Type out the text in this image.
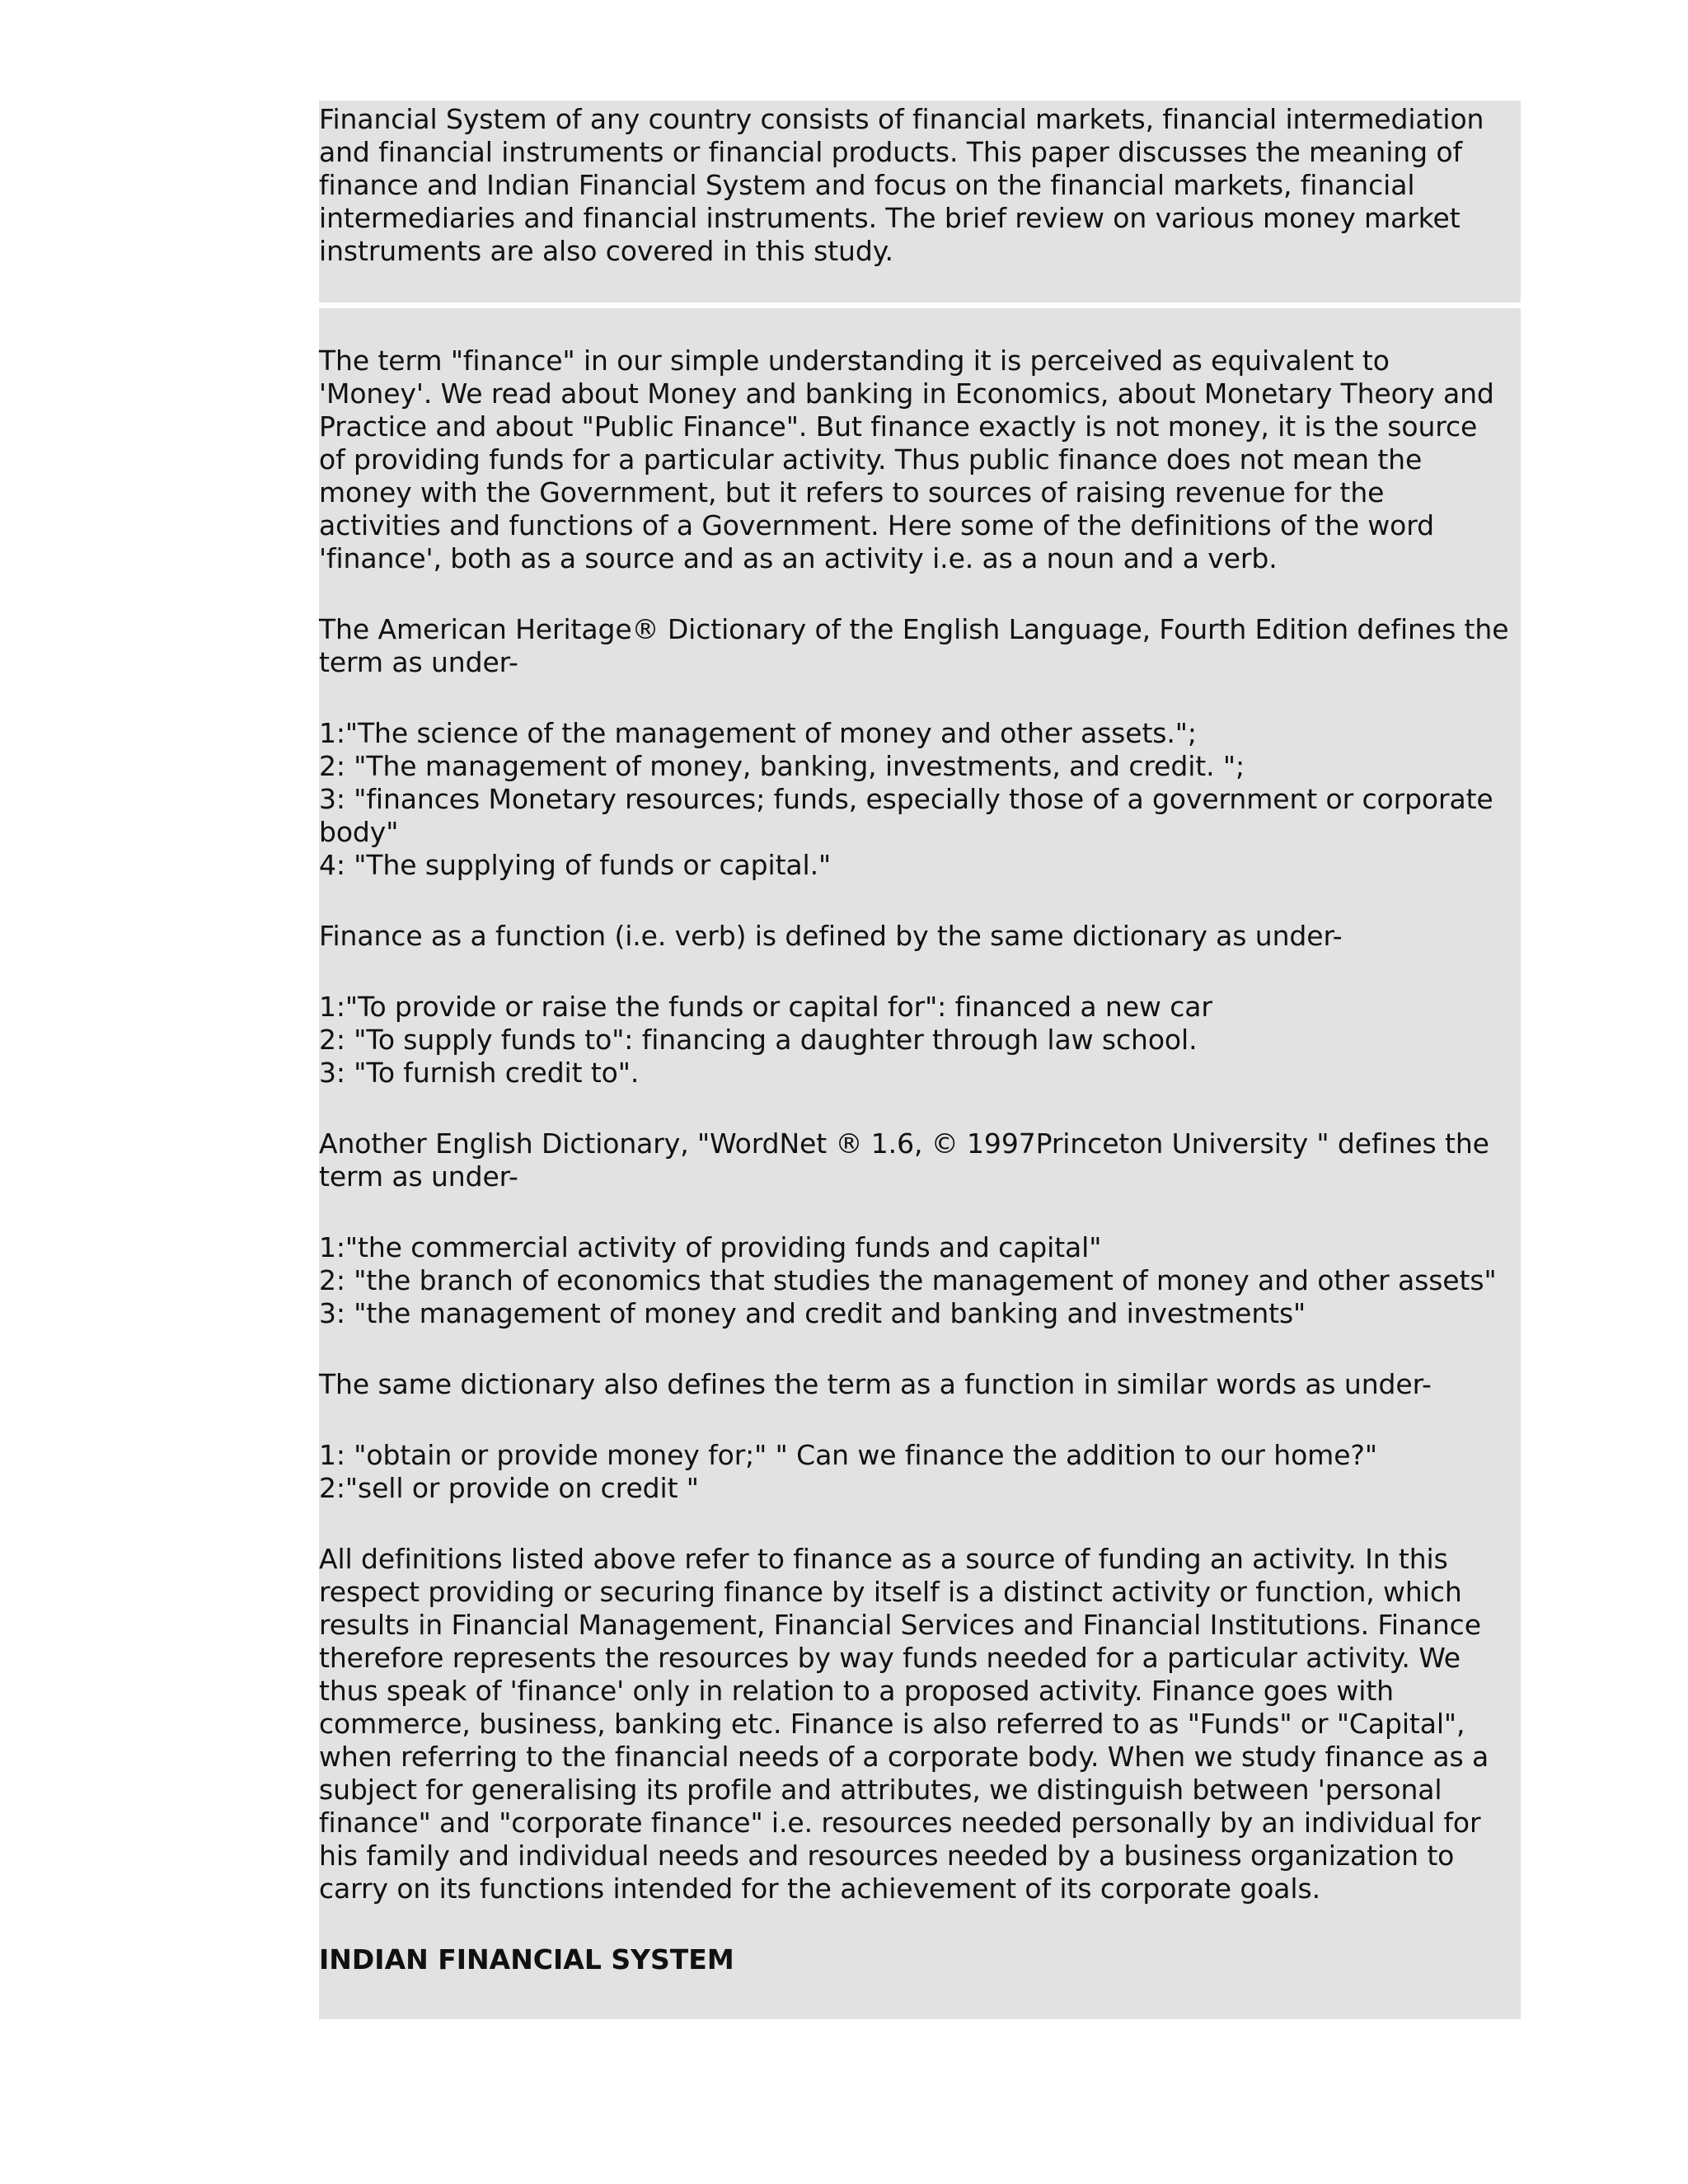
Financial System of any country consists of financial markets, financial intermediation
and financial instruments or financial products. This paper discusses the meaning of
finance and Indian Financial System and focus on the financial markets, financial
intermediaries and financial instruments. The brief review on various money market
instruments are also covered in this study.

The term "finance" in our simple understanding it is perceived as equivalent to
'Money'. We read about Money and banking in Economics, about Monetary Theory and
Practice and about "Public Finance". But finance exactly is not money, it is the source
of providing funds for a particular activity. Thus public finance does not mean the
money with the Government, but it refers to sources of raising revenue for the
activities and functions of a Government. Here some of the definitions of the word
'finance', both as a source and as an activity i.e. as a noun and a verb.

The American Heritage® Dictionary of the English Language, Fourth Edition defines the
term as under-

1:"The science of the management of money and other assets.";
2: "The management of money, banking, investments, and credit. ";
3: "finances Monetary resources; funds, especially those of a government or corporate
body"
4: "The supplying of funds or capital."

Finance as a function (i.e. verb) is defined by the same dictionary as under-

1:"To provide or raise the funds or capital for": financed a new car
2: "To supply funds to": financing a daughter through law school.
3: "To furnish credit to".

Another English Dictionary, "WordNet ® 1.6, © 1997Princeton University " defines the
term as under-

1:"the commercial activity of providing funds and capital"
2: "the branch of economics that studies the management of money and other assets"
3: "the management of money and credit and banking and investments"

The same dictionary also defines the term as a function in similar words as under-

1: "obtain or provide money for;" " Can we finance the addition to our home?"
2:"sell or provide on credit "

All definitions listed above refer to finance as a source of funding an activity. In this
respect providing or securing finance by itself is a distinct activity or function, which
results in Financial Management, Financial Services and Financial Institutions. Finance
therefore represents the resources by way funds needed for a particular activity. We
thus speak of 'finance' only in relation to a proposed activity. Finance goes with
commerce, business, banking etc. Finance is also referred to as "Funds" or "Capital",
when referring to the financial needs of a corporate body. When we study finance as a
subject for generalising its profile and attributes, we distinguish between 'personal
finance" and "corporate finance" i.e. resources needed personally by an individual for
his family and individual needs and resources needed by a business organization to
carry on its functions intended for the achievement of its corporate goals.

INDIAN FINANCIAL SYSTEM
